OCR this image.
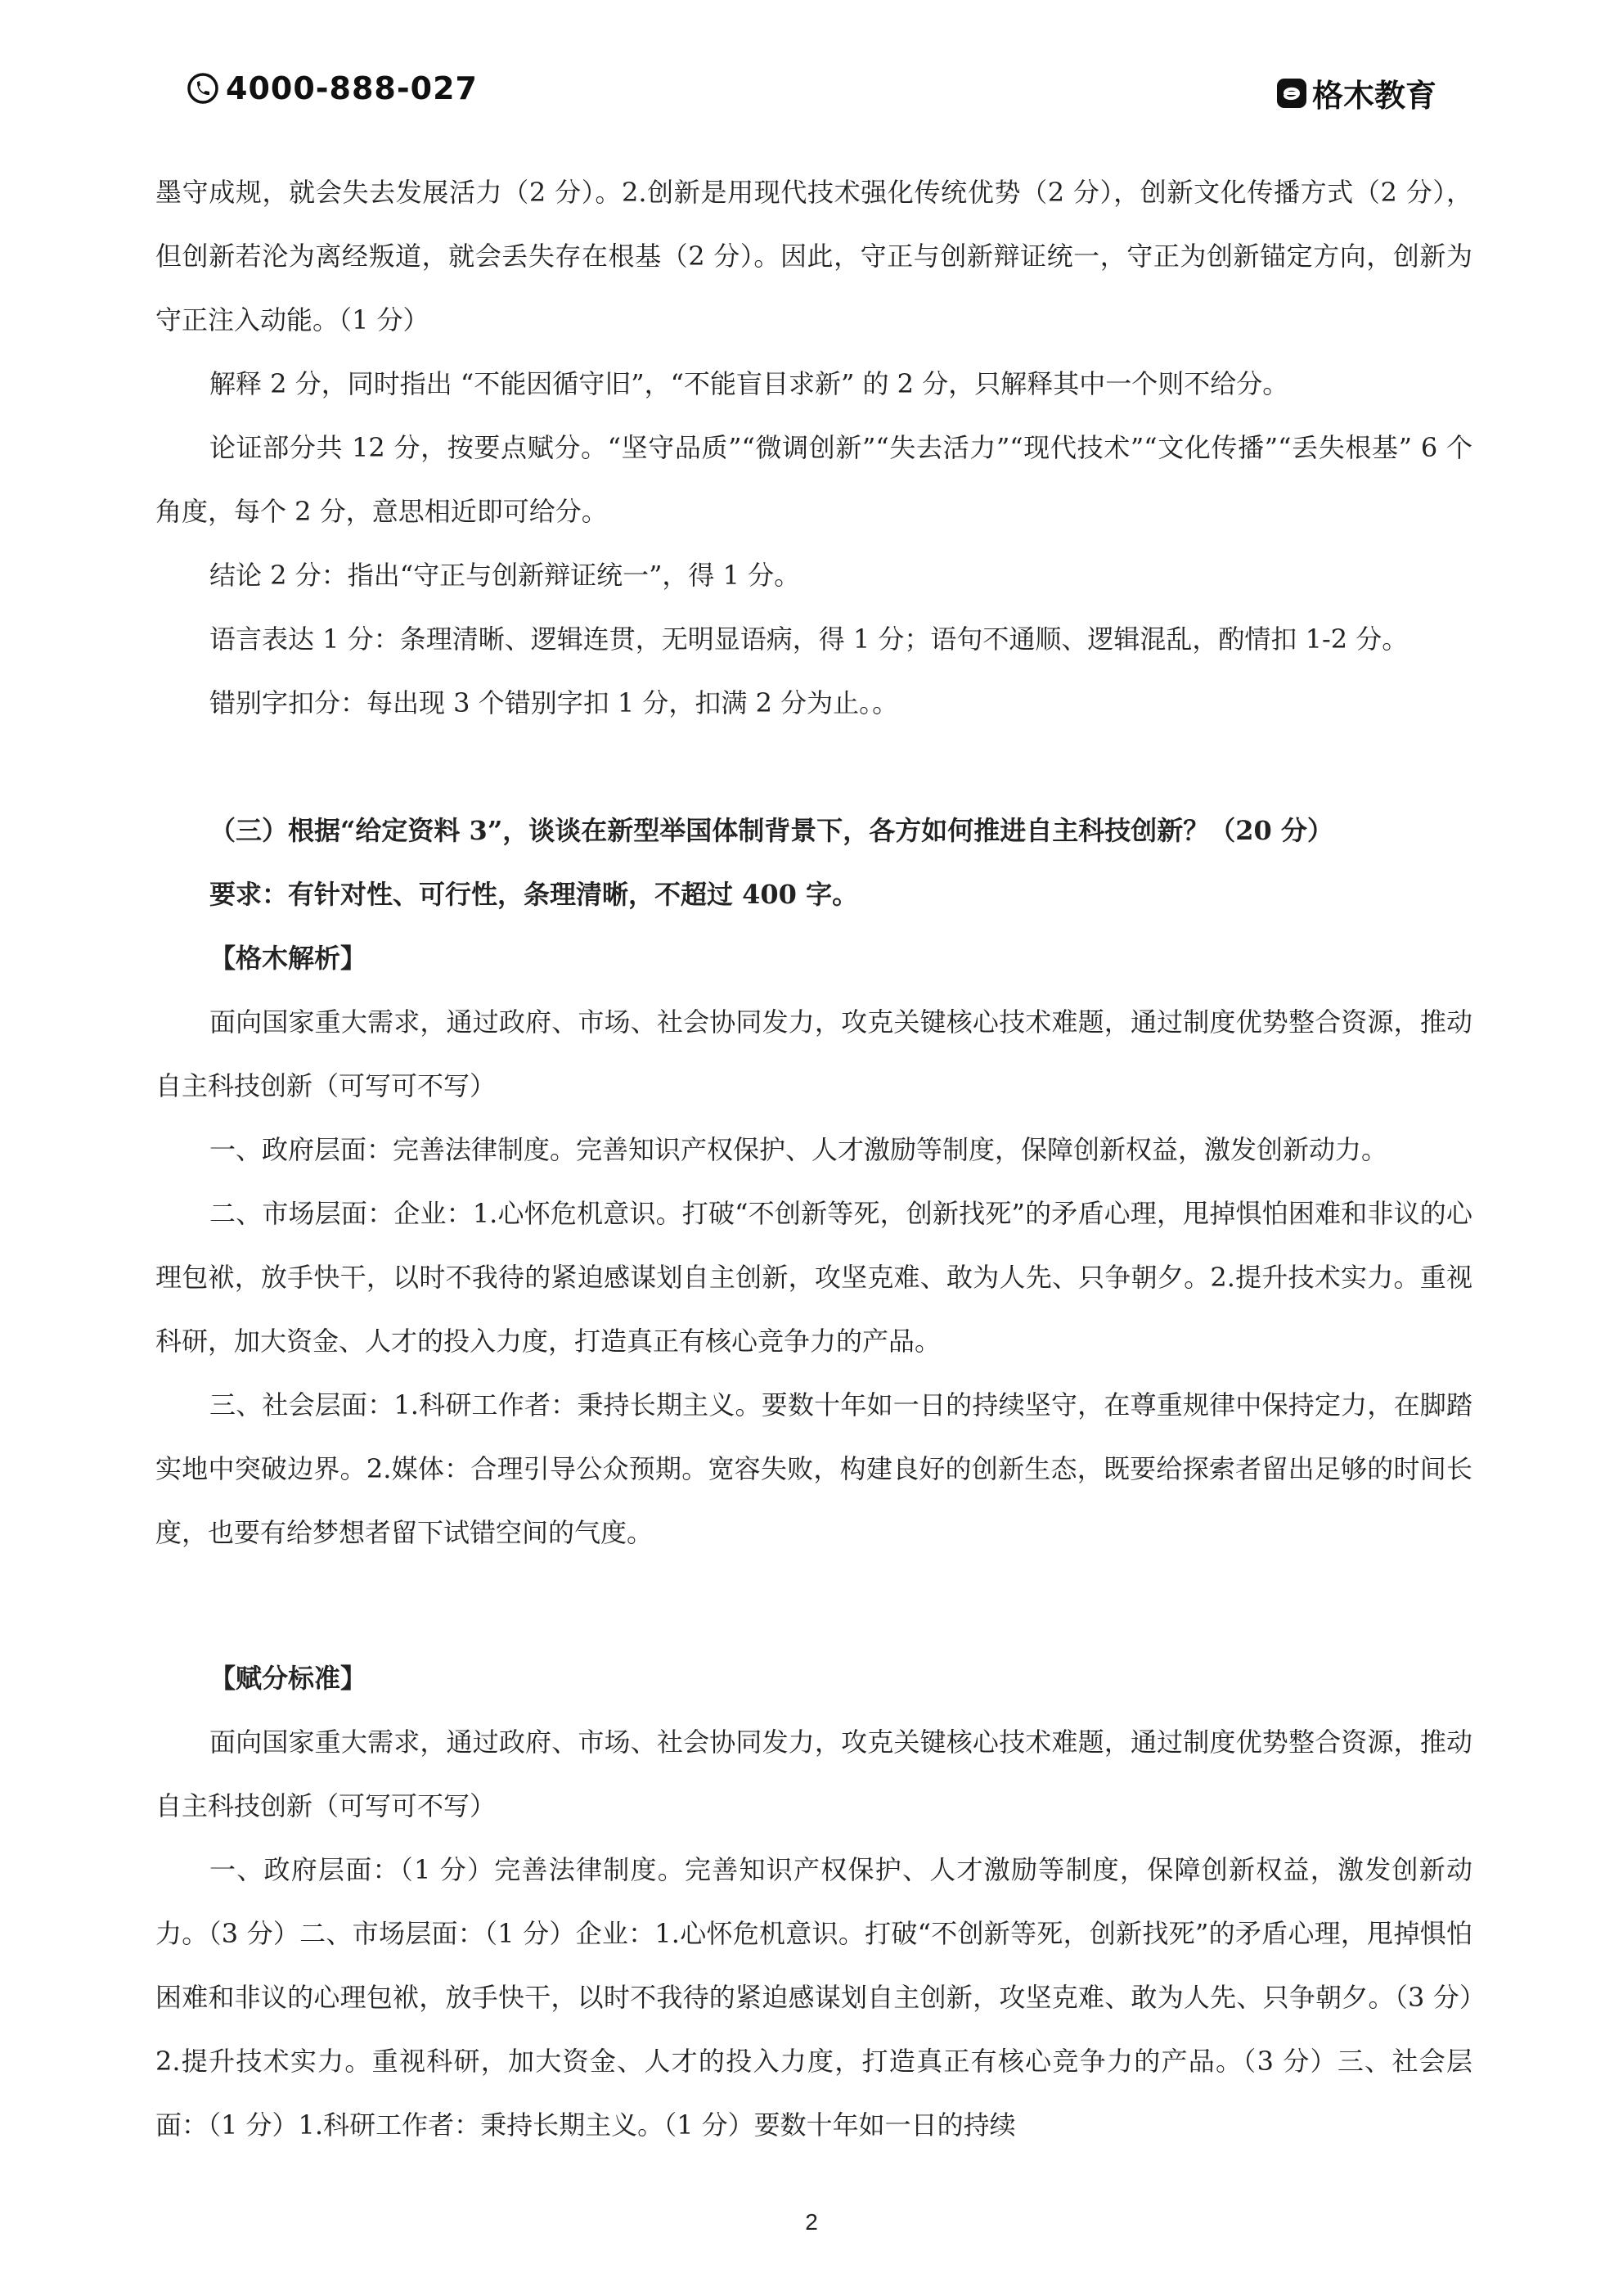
4000-888-027	格木教育

墨守成规，就会失去发展活力（2 分）。2.创新是用现代技术强化传统优势（2 分），创新文化传播方式（2 分），但创新若沦为离经叛道，就会丢失存在根基（2 分）。因此，守正与创新辩证统一，守正为创新锚定方向，创新为守正注入动能。（1 分）

解释 2 分，同时指出 “不能因循守旧”，“不能盲目求新” 的 2 分，只解释其中一个则不给分。

论证部分共 12 分，按要点赋分。“坚守品质”“微调创新”“失去活力”“现代技术”“文化传播”“丢失根基” 6 个角度，每个 2 分，意思相近即可给分。

结论 2 分：指出“守正与创新辩证统一”，得 1 分。

语言表达 1 分：条理清晰、逻辑连贯，无明显语病，得 1 分；语句不通顺、逻辑混乱，酌情扣 1-2 分。

错别字扣分：每出现 3 个错别字扣 1 分，扣满 2 分为止。。

（三）根据“给定资料 3”，谈谈在新型举国体制背景下，各方如何推进自主科技创新？（20 分）

要求：有针对性、可行性，条理清晰，不超过 400 字。

【格木解析】

面向国家重大需求，通过政府、市场、社会协同发力，攻克关键核心技术难题，通过制度优势整合资源，推动自主科技创新（可写可不写）

一、政府层面：完善法律制度。完善知识产权保护、人才激励等制度，保障创新权益，激发创新动力。

二、市场层面：企业：1.心怀危机意识。打破“不创新等死，创新找死”的矛盾心理，甩掉惧怕困难和非议的心理包袱，放手快干，以时不我待的紧迫感谋划自主创新，攻坚克难、敢为人先、只争朝夕。2.提升技术实力。重视科研，加大资金、人才的投入力度，打造真正有核心竞争力的产品。

三、社会层面：1.科研工作者：秉持长期主义。要数十年如一日的持续坚守，在尊重规律中保持定力，在脚踏实地中突破边界。2.媒体：合理引导公众预期。宽容失败，构建良好的创新生态，既要给探索者留出足够的时间长度，也要有给梦想者留下试错空间的气度。

【赋分标准】

面向国家重大需求，通过政府、市场、社会协同发力，攻克关键核心技术难题，通过制度优势整合资源，推动自主科技创新（可写可不写）

一、政府层面：（1 分）完善法律制度。完善知识产权保护、人才激励等制度，保障创新权益，激发创新动力。（3 分）二、市场层面：（1 分）企业：1.心怀危机意识。打破“不创新等死，创新找死”的矛盾心理，甩掉惧怕困难和非议的心理包袱，放手快干，以时不我待的紧迫感谋划自主创新，攻坚克难、敢为人先、只争朝夕。（3 分）2.提升技术实力。重视科研，加大资金、人才的投入力度，打造真正有核心竞争力的产品。（3 分）三、社会层面：（1 分）1.科研工作者：秉持长期主义。（1 分）要数十年如一日的持续

2
